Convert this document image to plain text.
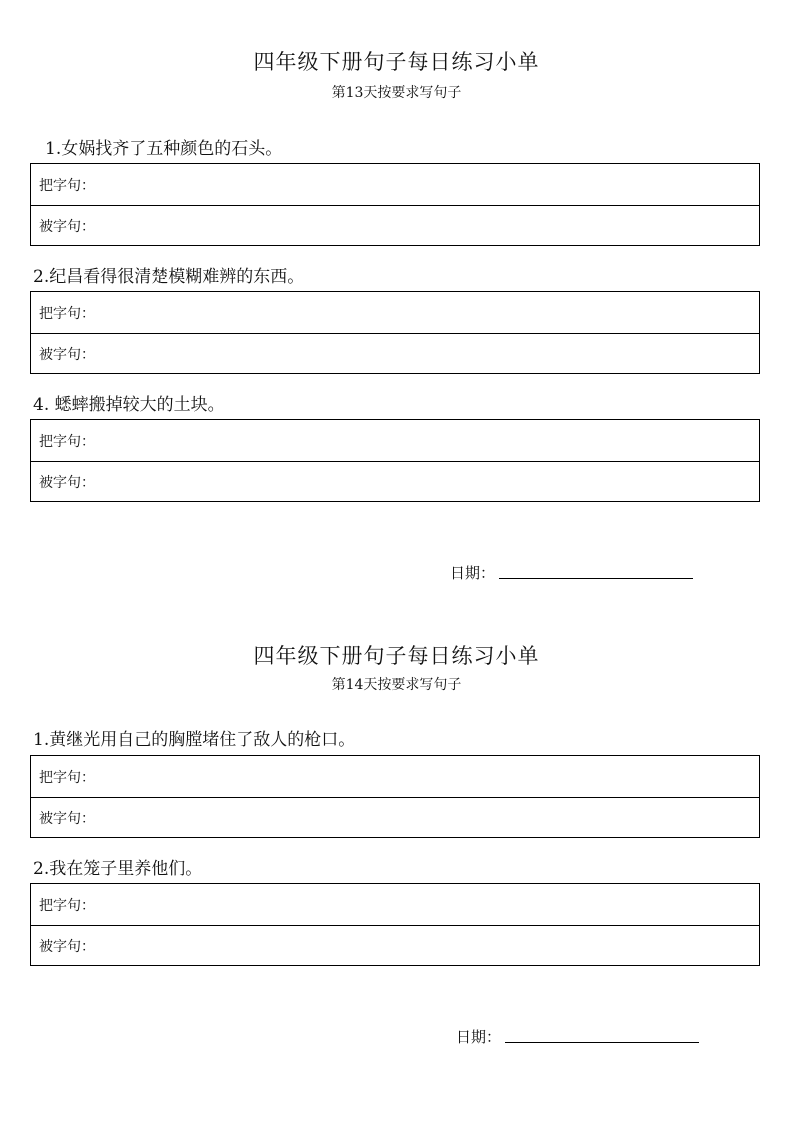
四年级下册句子每日练习小单
第13天按要求写句子
1.女娲找齐了五种颜色的石头。
把字句：
被字句：
2.纪昌看得很清楚模糊难辨的东西。
把字句：
被字句：
4. 蟋蟀搬掉较大的土块。
把字句：
被字句：
日期：
四年级下册句子每日练习小单
第14天按要求写句子
1.黄继光用自己的胸膛堵住了敌人的枪口。
把字句：
被字句：
2.我在笼子里养他们。
把字句：
被字句：
日期：
